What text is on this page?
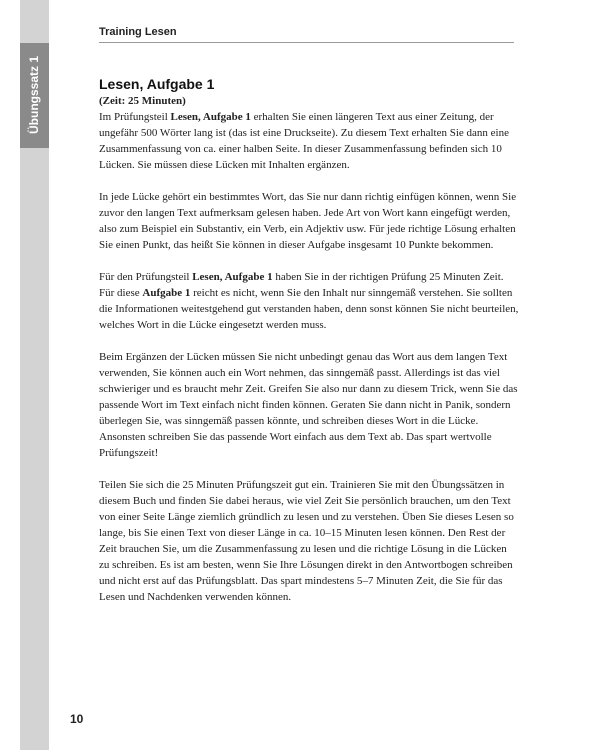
Übungssatz 1
Training Lesen
Lesen, Aufgabe 1

(Zeit: 25 Minuten)

Im Prüfungsteil Lesen, Aufgabe 1 erhalten Sie einen längeren Text aus einer Zeitung, der ungefähr 500 Wörter lang ist (das ist eine Druckseite). Zu diesem Text erhalten Sie dann eine Zusammenfassung von ca. einer halben Seite. In dieser Zusammenfassung befinden sich 10 Lücken. Sie müssen diese Lücken mit Inhalten ergänzen.

In jede Lücke gehört ein bestimmtes Wort, das Sie nur dann richtig einfügen können, wenn Sie zuvor den langen Text aufmerksam gelesen haben. Jede Art von Wort kann eingefügt werden, also zum Beispiel ein Substantiv, ein Verb, ein Adjektiv usw. Für jede richtige Lösung erhalten Sie einen Punkt, das heißt Sie können in dieser Aufgabe insgesamt 10 Punkte bekommen.

Für den Prüfungsteil Lesen, Aufgabe 1 haben Sie in der richtigen Prüfung 25 Minuten Zeit. Für diese Aufgabe 1 reicht es nicht, wenn Sie den Inhalt nur sinngemäß verstehen. Sie sollten die Informationen weitestgehend gut verstanden haben, denn sonst können Sie nicht beurteilen, welches Wort in die Lücke eingesetzt werden muss.

Beim Ergänzen der Lücken müssen Sie nicht unbedingt genau das Wort aus dem langen Text verwenden, Sie können auch ein Wort nehmen, das sinngemäß passt. Allerdings ist das viel schwieriger und es braucht mehr Zeit. Greifen Sie also nur dann zu diesem Trick, wenn Sie das passende Wort im Text einfach nicht finden können. Geraten Sie dann nicht in Panik, sondern überlegen Sie, was sinngemäß passen könnte, und schreiben dieses Wort in die Lücke. Ansonsten schreiben Sie das passende Wort einfach aus dem Text ab. Das spart wertvolle Prüfungszeit!

Teilen Sie sich die 25 Minuten Prüfungszeit gut ein. Trainieren Sie mit den Übungssätzen in diesem Buch und finden Sie dabei heraus, wie viel Zeit Sie persönlich brauchen, um den Text von einer Seite Länge ziemlich gründlich zu lesen und zu verstehen. Üben Sie dieses Lesen so lange, bis Sie einen Text von dieser Länge in ca. 10–15 Minuten lesen können. Den Rest der Zeit brauchen Sie, um die Zusammenfassung zu lesen und die richtige Lösung in die Lücken zu schreiben. Es ist am besten, wenn Sie Ihre Lösungen direkt in den Antwortbogen schreiben und nicht erst auf das Prüfungsblatt. Das spart mindestens 5–7 Minuten Zeit, die Sie für das Lesen und Nachdenken verwenden können.

10
